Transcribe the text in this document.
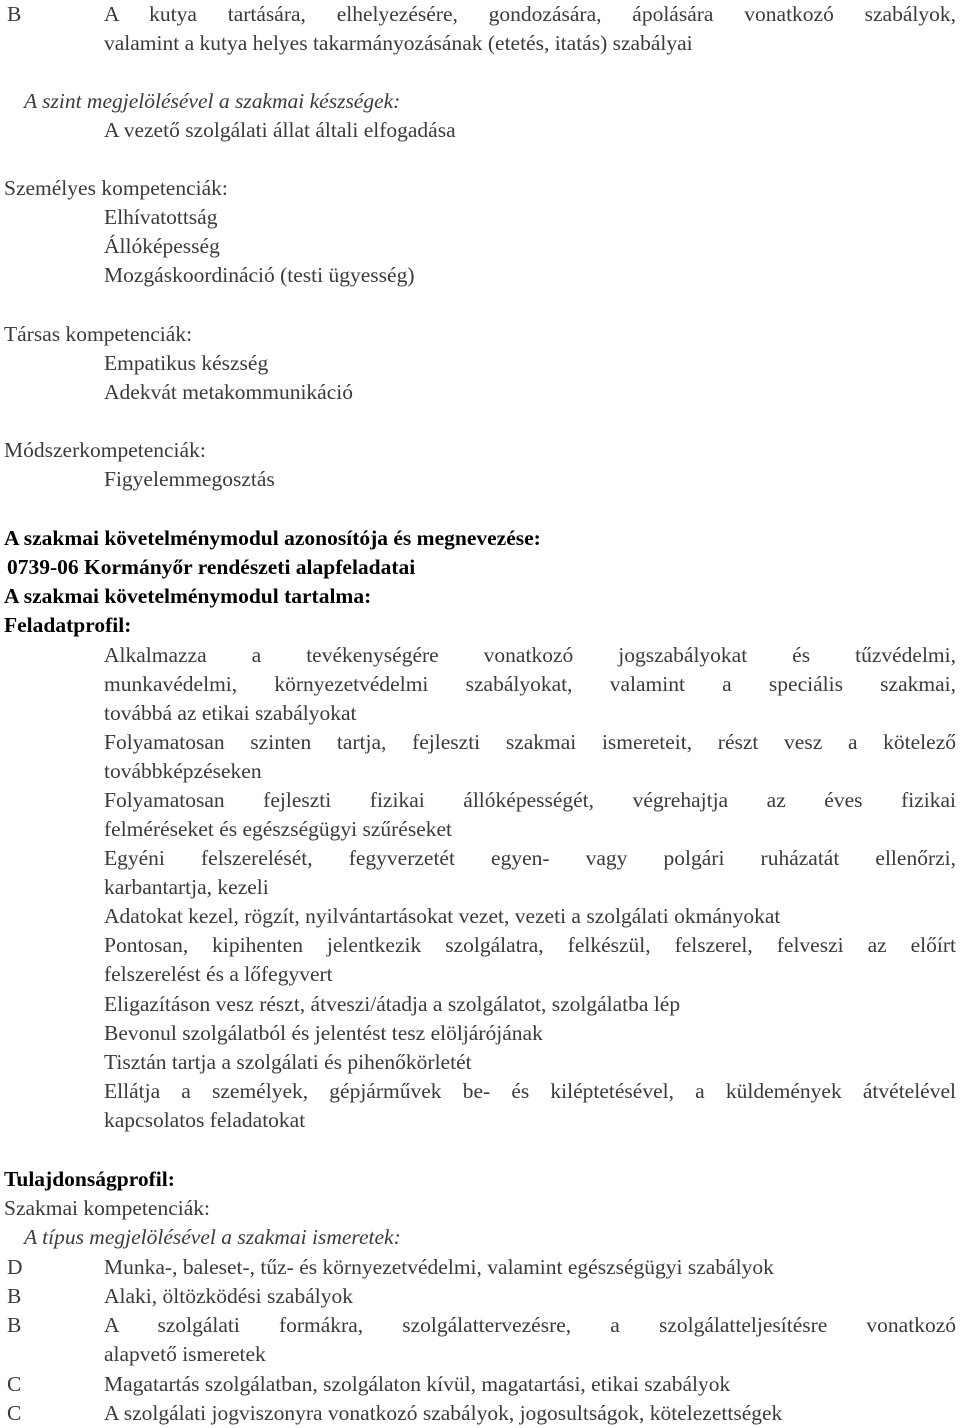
B	A kutya tartására, elhelyezésére, gondozására, ápolására vonatkozó szabályok,
valamint a kutya helyes takarmányozásának (etetés, itatás) szabályai
A szint megjelölésével a szakmai készségek:
A vezető szolgálati állat általi elfogadása
Személyes kompetenciák:
Elhívatottság
Állóképesség
Mozgáskoordináció (testi ügyesség)
Társas kompetenciák:
Empatikus készség
Adekvát metakommunikáció
Módszerkompetenciák:
Figyelemmegosztás
A szakmai követelménymodul azonosítója és megnevezése:
0739-06 Kormányőr rendészeti alapfeladatai
A szakmai követelménymodul tartalma:
Feladatprofil:
Alkalmazza a tevékenységére vonatkozó jogszabályokat és tűzvédelmi,
munkavédelmi, környezetvédelmi szabályokat, valamint a speciális szakmai,
továbbá az etikai szabályokat
Folyamatosan szinten tartja, fejleszti szakmai ismereteit, részt vesz a kötelező
továbbképzéseken
Folyamatosan fejleszti fizikai állóképességét, végrehajtja az éves fizikai
felméréseket és egészségügyi szűréseket
Egyéni felszerelését, fegyverzetét egyen- vagy polgári ruházatát ellenőrzi,
karbantartja, kezeli
Adatokat kezel, rögzít, nyilvántartásokat vezet, vezeti a szolgálati okmányokat
Pontosan, kipihenten jelentkezik szolgálatra, felkészül, felszerel, felveszi az előírt
felszerelést és a lőfegyvert
Eligazításon vesz részt, átveszi/átadja a szolgálatot, szolgálatba lép
Bevonul szolgálatból és jelentést tesz elöljárójának
Tisztán tartja a szolgálati és pihenőkörletét
Ellátja a személyek, gépjárművek be- és kiléptetésével, a küldemények átvételével
kapcsolatos feladatokat
Tulajdonságprofil:
Szakmai kompetenciák:
A típus megjelölésével a szakmai ismeretek:
D	Munka-, baleset-, tűz- és környezetvédelmi, valamint egészségügyi szabályok
B	Alaki, öltözködési szabályok
B	A szolgálati formákra, szolgálattervezésre, a szolgálatteljesítésre vonatkozó
alapvető ismeretek
C	Magatartás szolgálatban, szolgálaton kívül, magatartási, etikai szabályok
C	A szolgálati jogviszonyra vonatkozó szabályok, jogosultságok, kötelezettségek
